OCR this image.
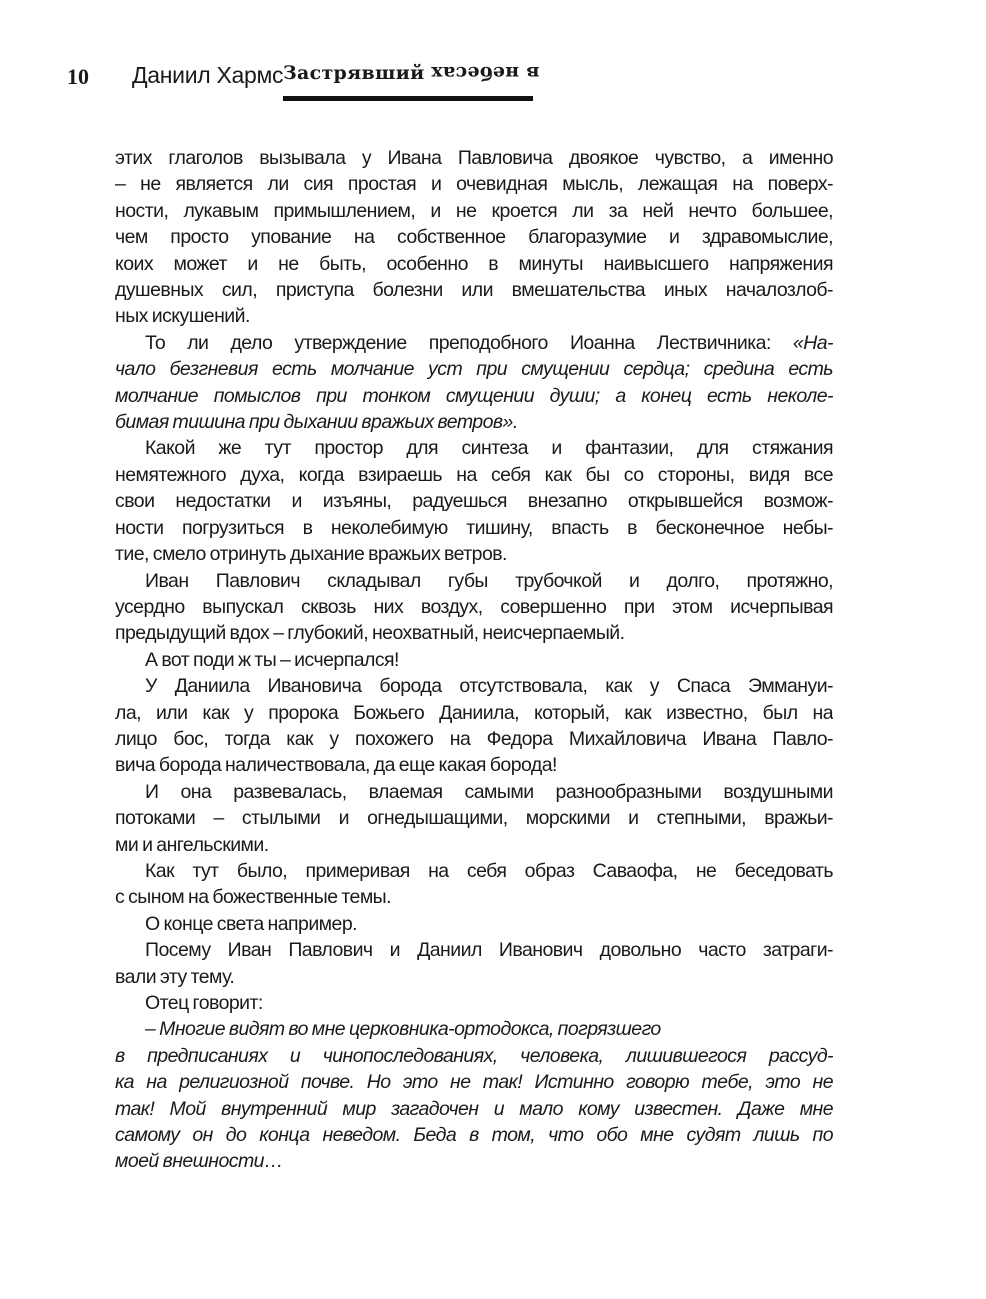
10 Даниил Хармс Застрявший в небесах
этих глаголов вызывала у Ивана Павловича двоякое чувство, а именно
– не является ли сия простая и очевидная мысль, лежащая на поверх-
ности, лукавым примышлением, и не кроется ли за ней нечто большее,
чем просто упование на собственное благоразумие и здравомыслие,
коих может и не быть, особенно в минуты наивысшего напряжения
душевных сил, приступа болезни или вмешательства иных началозлоб-
ных искушений.
То ли дело утверждение преподобного Иоанна Лествичника: «На-
чало безгневия есть молчание уст при смущении сердца; средина есть
молчание помыслов при тонком смущении души; а конец есть неколе-
бимая тишина при дыхании вражьих ветров».
Какой же тут простор для синтеза и фантазии, для стяжания
немятежного духа, когда взираешь на себя как бы со стороны, видя все
свои недостатки и изъяны, радуешься внезапно открывшейся возмож-
ности погрузиться в неколебимую тишину, впасть в бесконечное небы-
тие, смело отринуть дыхание вражьих ветров.
Иван Павлович складывал губы трубочкой и долго, протяжно,
усердно выпускал сквозь них воздух, совершенно при этом исчерпывая
предыдущий вдох – глубокий, неохватный, неисчерпаемый.
А вот поди ж ты – исчерпался!
У Даниила Ивановича борода отсутствовала, как у Спаса Эммануи-
ла, или как у пророка Божьего Даниила, который, как известно, был на
лицо бос, тогда как у похожего на Федора Михайловича Ивана Павло-
вича борода наличествовала, да еще какая борода!
И она развевалась, влаемая самыми разнообразными воздушными
потоками – стылыми и огнедышащими, морскими и степными, вражьи-
ми и ангельскими.
Как тут было, примеривая на себя образ Саваофа, не беседовать
с сыном на божественные темы.
О конце света например.
Посему Иван Павлович и Даниил Иванович довольно часто затраги-
вали эту тему.
Отец говорит:
– Многие видят во мне церковника-ортодокса, погрязшего
в предписаниях и чинопоследованиях, человека, лишившегося рассуд-
ка на религиозной почве. Но это не так! Истинно говорю тебе, это не
так! Мой внутренний мир загадочен и мало кому известен. Даже мне
самому он до конца неведом. Беда в том, что обо мне судят лишь по
моей внешности…
